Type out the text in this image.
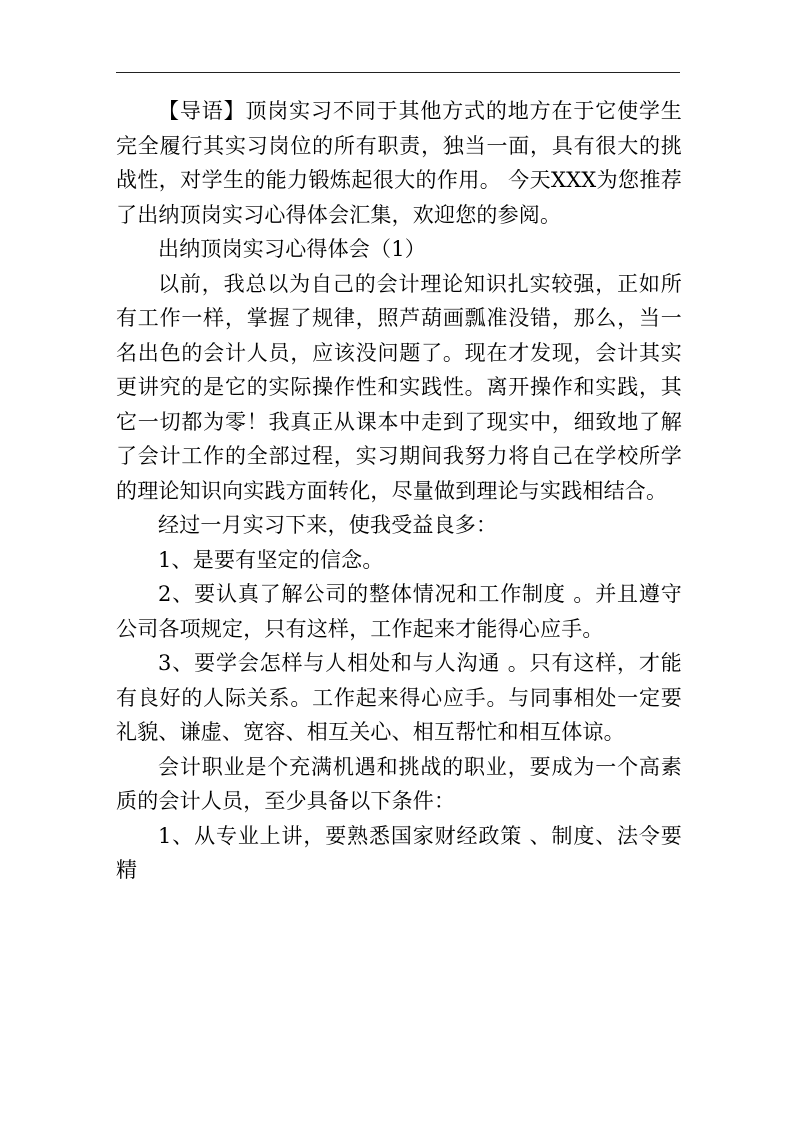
【导语】顶岗实习不同于其他方式的地方在于它使学生完全履行其实习岗位的所有职责，独当一面，具有很大的挑战性，对学生的能力锻炼起很大的作用。 今天XXX为您推荐了出纳顶岗实习心得体会汇集，欢迎您的参阅。

出纳顶岗实习心得体会（1）

以前，我总以为自己的会计理论知识扎实较强，正如所有工作一样，掌握了规律，照芦葫画瓢准没错，那么，当一名出色的会计人员，应该没问题了。现在才发现，会计其实更讲究的是它的实际操作性和实践性。离开操作和实践，其它一切都为零！我真正从课本中走到了现实中，细致地了解了会计工作的全部过程，实习期间我努力将自己在学校所学的理论知识向实践方面转化，尽量做到理论与实践相结合。

经过一月实习下来，使我受益良多：

1、是要有坚定的信念。

2、要认真了解公司的整体情况和工作制度 。并且遵守公司各项规定，只有这样，工作起来才能得心应手。

3、要学会怎样与人相处和与人沟通 。只有这样，才能有良好的人际关系。工作起来得心应手。与同事相处一定要礼貌、谦虚、宽容、相互关心、相互帮忙和相互体谅。

会计职业是个充满机遇和挑战的职业，要成为一个高素质的会计人员，至少具备以下条件：

1、从专业上讲，要熟悉国家财经政策 、制度、法令要精
